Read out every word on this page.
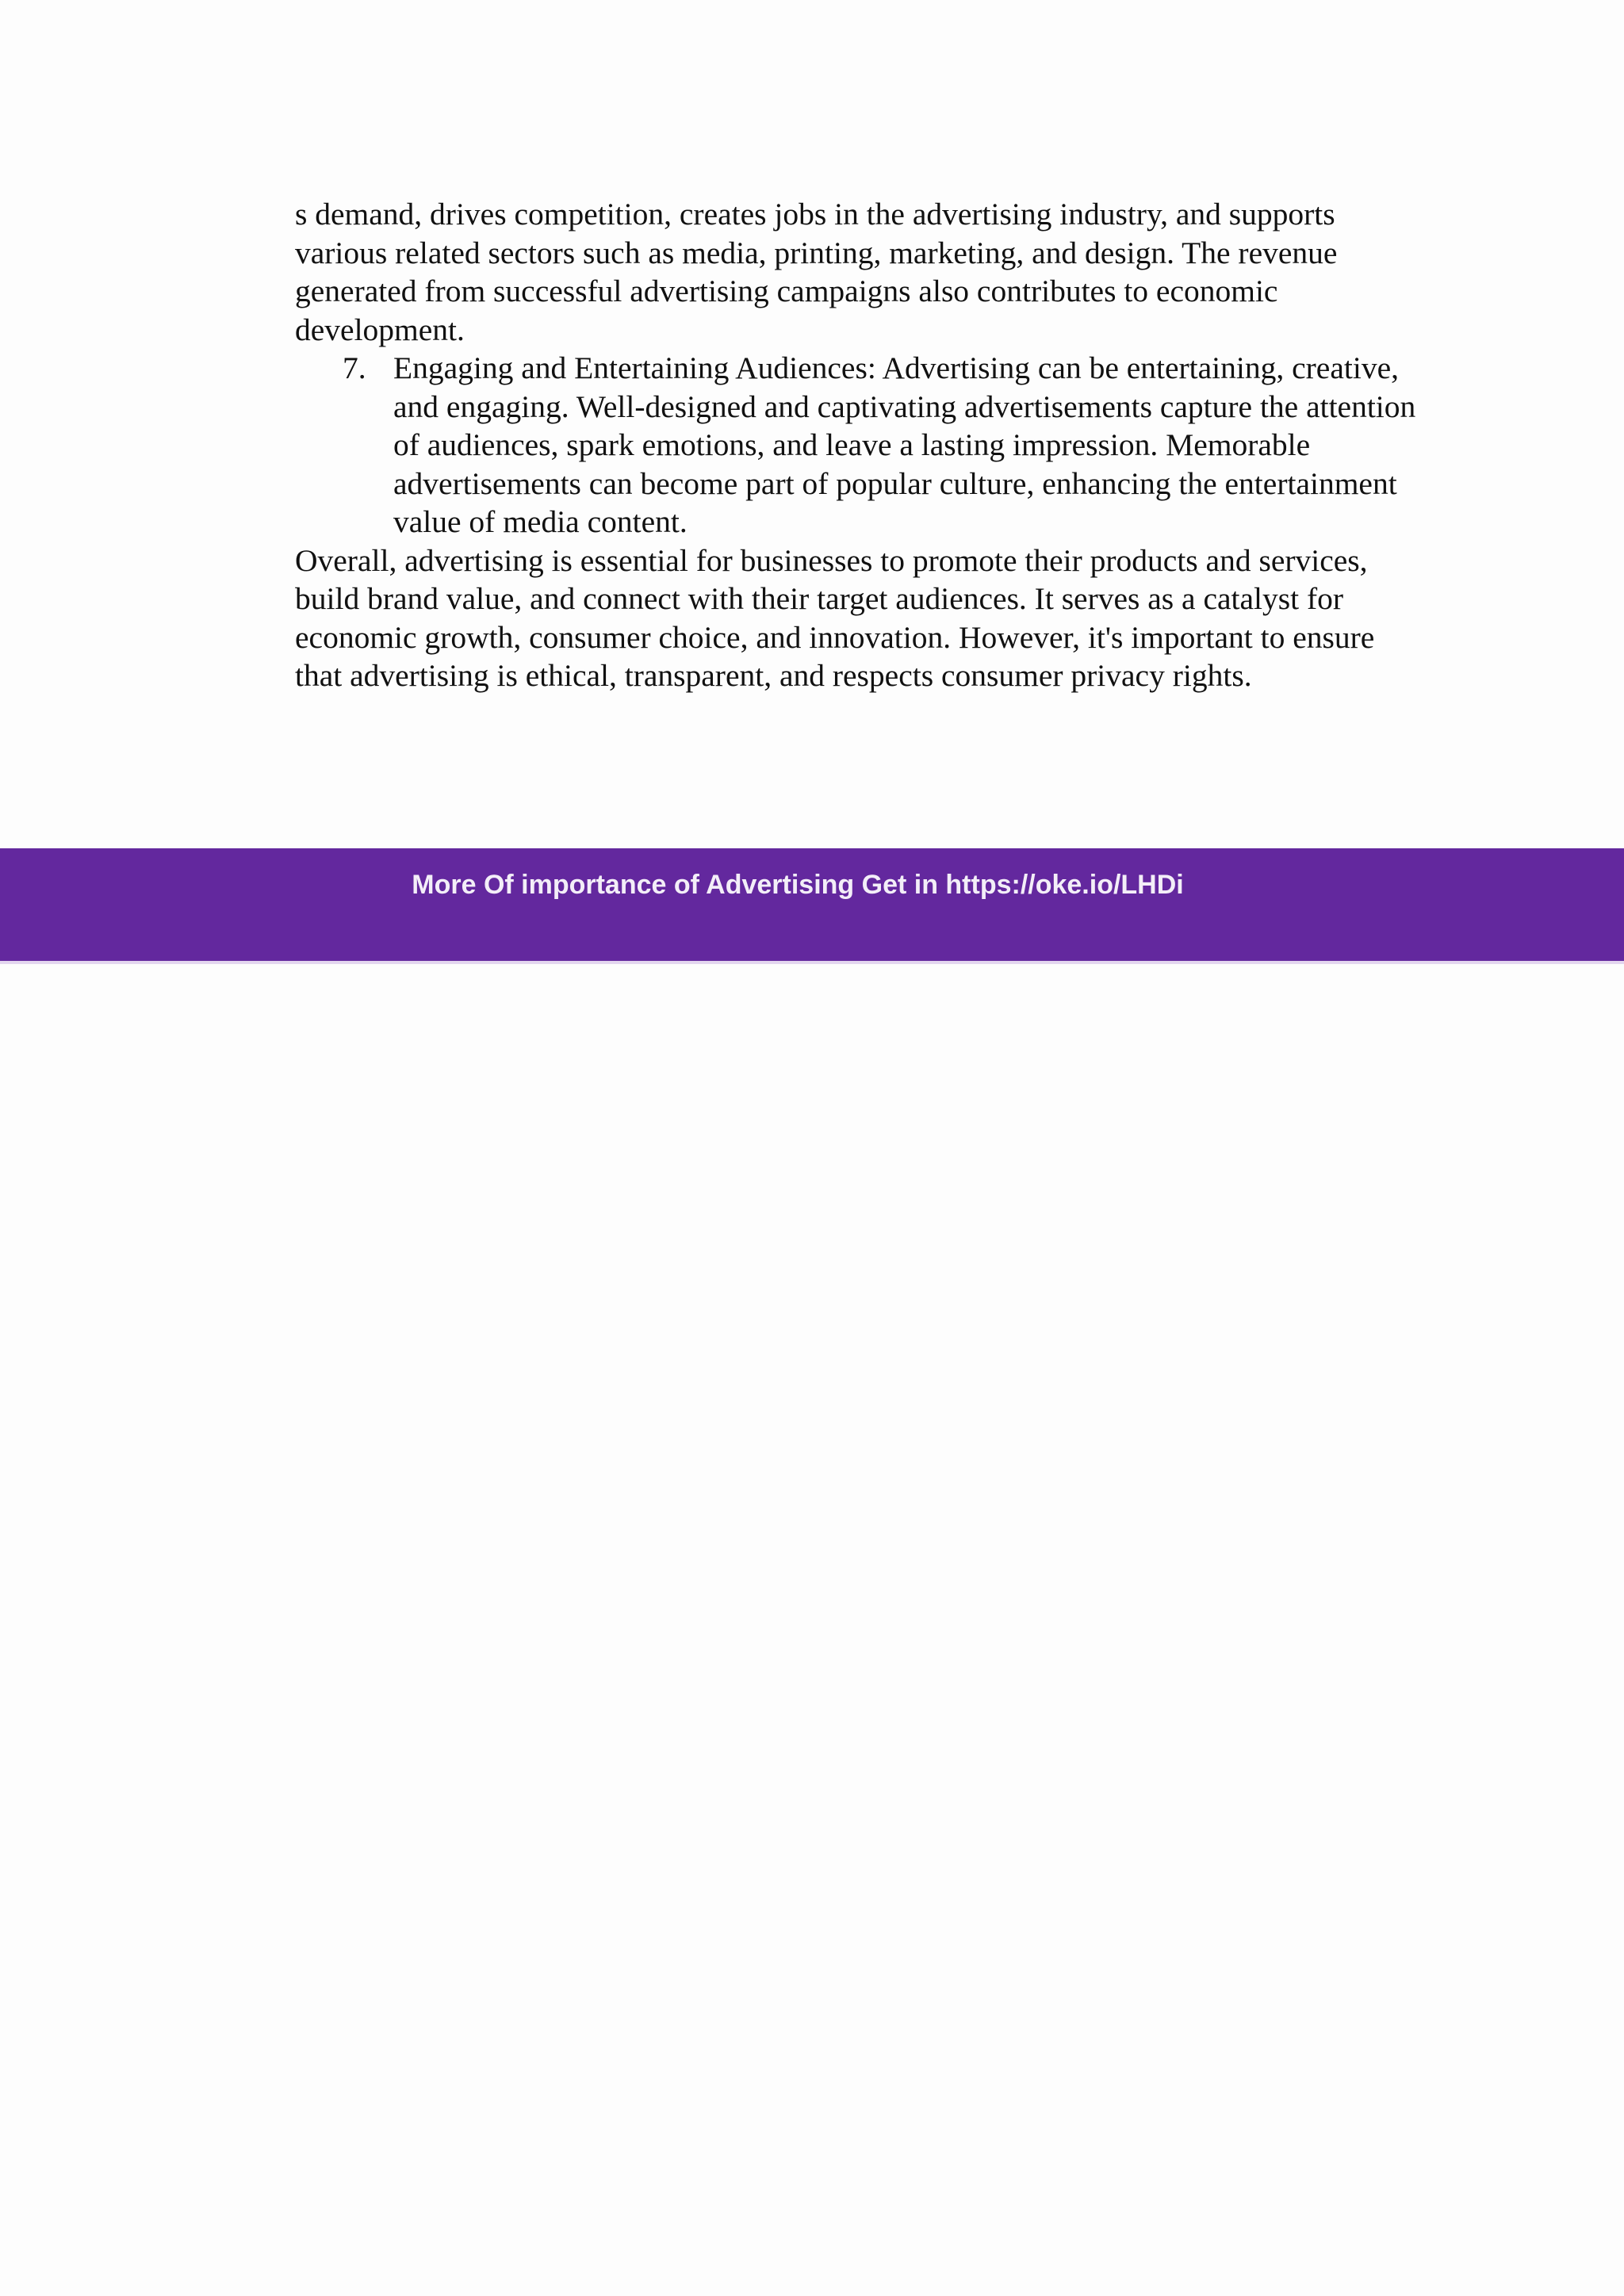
s demand, drives competition, creates jobs in the advertising industry, and supports various related sectors such as media, printing, marketing, and design. The revenue generated from successful advertising campaigns also contributes to economic development.

7. Engaging and Entertaining Audiences: Advertising can be entertaining, creative, and engaging. Well-designed and captivating advertisements capture the attention of audiences, spark emotions, and leave a lasting impression. Memorable advertisements can become part of popular culture, enhancing the entertainment value of media content.

Overall, advertising is essential for businesses to promote their products and services, build brand value, and connect with their target audiences. It serves as a catalyst for economic growth, consumer choice, and innovation. However, it's important to ensure that advertising is ethical, transparent, and respects consumer privacy rights.

More Of importance of Advertising Get in https://oke.io/LHDi
